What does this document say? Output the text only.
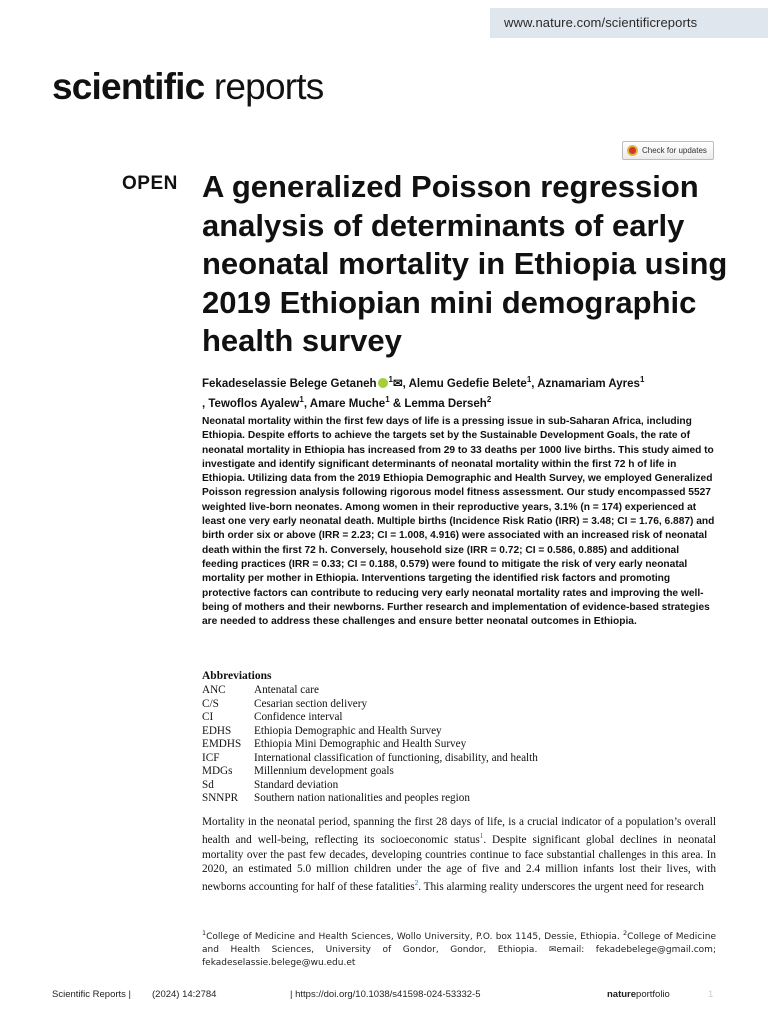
www.nature.com/scientificreports
scientific reports
Check for updates
OPEN A generalized Poisson regression analysis of determinants of early neonatal mortality in Ethiopia using 2019 Ethiopian mini demographic health survey
Fekadeselassie Belege Getaneh $^1$✉, Alemu Gedefie Belete$^1$, Aznamariam Ayres$^1$
, Tewoflos Ayalew$^1$, Amare Muche$^1$ & Lemma Derseh$^2$
Neonatal mortality within the first few days of life is a pressing issue in sub-Saharan Africa, including Ethiopia. Despite efforts to achieve the targets set by the Sustainable Development Goals, the rate of neonatal mortality in Ethiopia has increased from 29 to 33 deaths per 1000 live births. This study aimed to investigate and identify significant determinants of neonatal mortality within the first 72 h of life in Ethiopia. Utilizing data from the 2019 Ethiopia Demographic and Health Survey, we employed Generalized Poisson regression analysis following rigorous model fitness assessment. Our study encompassed 5527 weighted live-born neonates. Among women in their reproductive years, 3.1% (n = 174) experienced at least one very early neonatal death. Multiple births (Incidence Risk Ratio (IRR) = 3.48; CI = 1.76, 6.887) and birth order six or above (IRR = 2.23; CI = 1.008, 4.916) were associated with an increased risk of neonatal death within the first 72 h. Conversely, household size (IRR = 0.72; CI = 0.586, 0.885) and additional feeding practices (IRR = 0.33; CI = 0.188, 0.579) were found to mitigate the risk of very early neonatal mortality per mother in Ethiopia. Interventions targeting the identified risk factors and promoting protective factors can contribute to reducing very early neonatal mortality rates and improving the well-being of mothers and their newborns. Further research and implementation of evidence-based strategies are needed to address these challenges and ensure better neonatal outcomes in Ethiopia.
Abbreviations
ANC	Antenatal care
C/S	Cesarian section delivery
CI	Confidence interval
EDHS	Ethiopia Demographic and Health Survey
EMDHS	Ethiopia Mini Demographic and Health Survey
ICF	International classification of functioning, disability, and health
MDGs	Millennium development goals
Sd	Standard deviation
SNNPR	Southern nation nationalities and peoples region
Mortality in the neonatal period, spanning the first 28 days of life, is a crucial indicator of a population’s overall health and well-being, reflecting its socioeconomic status$^1$. Despite significant global declines in neonatal mortality over the past few decades, developing countries continue to face substantial challenges in this area. In 2020, an estimated 5.0 million children under the age of five and 2.4 million infants lost their lives, with newborns accounting for half of these fatalities$^2$. This alarming reality underscores the urgent need for research
$^1$College of Medicine and Health Sciences, Wollo University, P.O. box 1145, Dessie, Ethiopia. $^2$College of Medicine and Health Sciences, University of Gondor, Gondor, Ethiopia. ✉email: fekadebelege@gmail.com; fekadeselassie.belege@wu.edu.et
Scientific Reports | (2024) 14:2784	| https://doi.org/10.1038/s41598-024-53332-5	natureportfolio	1
